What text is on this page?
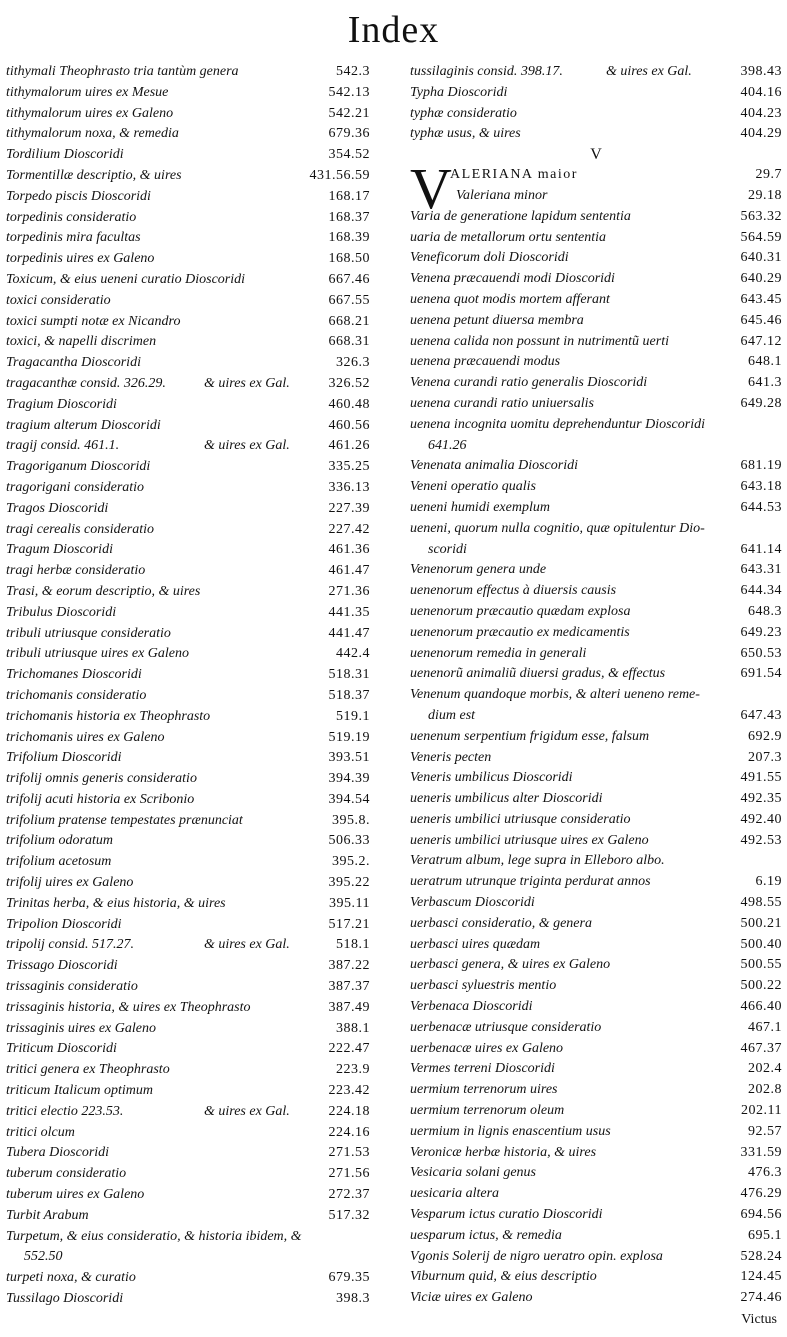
Index
tithymali Theophrasto tria tantùm genera	542.3
tithymalorum uires ex Mesue	542.13
tithymalorum uires ex Galeno	542.21
tithymalorum noxa, & remedia	679.36
Tordilium Dioscoridi	354.52
Tormentillæ descriptio, & uires	431.56.59
Torpedo piscis Dioscoridi	168.17
torpedinis consideratio	168.37
torpedinis mira facultas	168.39
torpedinis uires ex Galeno	168.50
Toxicum, & eius ueneni curatio Dioscoridi	667.46
toxici consideratio	667.55
toxici sumpti notæ ex Nicandro	668.21
toxici, & napelli discrimen	668.31
Tragacantha Dioscoridi	326.3
tragacanthæ consid. 326.29.	& uires ex Gal.	326.52
Tragium Dioscoridi	460.48
tragium alterum Dioscoridi	460.56
tragij consid. 461.1.	& uires ex Gal.	461.26
Tragoriganum Dioscoridi	335.25
tragorigani consideratio	336.13
Tragos Dioscoridi	227.39
tragi cerealis consideratio	227.42
Tragum Dioscoridi	461.36
tragi herbæ consideratio	461.47
Trasi, & eorum descriptio, & uires	271.36
Tribulus Dioscoridi	441.35
tribuli utriusque consideratio	441.47
tribuli utriusque uires ex Galeno	442.4
Trichomanes Dioscoridi	518.31
trichomanis consideratio	518.37
trichomanis historia ex Theophrasto	519.1
trichomanis uires ex Galeno	519.19
Trifolium Dioscoridi	393.51
trifolij omnis generis consideratio	394.39
trifolij acuti historia ex Scribonio	394.54
trifolium pratense tempestates prænunciat	395.8.
trifolium odoratum	506.33
trifolium acetosum	395.2.
trifolij uires ex Galeno	395.22
Trinitas herba, & eius historia, & uires	395.11
Tripolion Dioscoridi	517.21
tripolij consid. 517.27.	& uires ex Gal.	518.1
Trissago Dioscoridi	387.22
trissaginis consideratio	387.37
trissaginis historia, & uires ex Theophrasto	387.49
trissaginis uires ex Galeno	388.1
Triticum Dioscoridi	222.47
tritici genera ex Theophrasto	223.9
triticum Italicum optimum	223.42
tritici electio 223.53.	& uires ex Gal.	224.18
tritici olcum	224.16
Tubera Dioscoridi	271.53
tuberum consideratio	271.56
tuberum uires ex Galeno	272.37
Turbit Arabum	517.32
Turpetum, & eius consideratio, & historia ibidem, &
552.50
turpeti noxa, & curatio	679.35
Tussilago Dioscoridi	398.3
tussilaginis consid. 398.17.	& uires ex Gal.	398.43
Typha Dioscoridi	404.16
typhæ consideratio	404.23
typhæ usus, & uires	404.29
V
V
ALERIANA maior	29.7
Valeriana minor	29.18
Varia de generatione lapidum sententia	563.32
uaria de metallorum ortu sententia	564.59
Veneficorum doli Dioscoridi	640.31
Venena præcauendi modi Dioscoridi	640.29
uenena quot modis mortem afferant	643.45
uenena petunt diuersa membra	645.46
uenena calida non possunt in nutrimentũ uerti	647.12
uenena præcauendi modus	648.1
Venena curandi ratio generalis Dioscoridi	641.3
uenena curandi ratio uniuersalis	649.28
uenena incognita uomitu deprehenduntur Dioscoridi
641.26
Venenata animalia Dioscoridi	681.19
Veneni operatio qualis	643.18
ueneni humidi exemplum	644.53
ueneni, quorum nulla cognitio, quæ opitulentur Dio-
scoridi	641.14
Venenorum genera unde	643.31
uenenorum effectus à diuersis causis	644.34
uenenorum præcautio quædam explosa	648.3
uenenorum præcautio ex medicamentis	649.23
uenenorum remedia in generali	650.53
uenenorũ animaliũ diuersi gradus, & effectus	691.54
Venenum quandoque morbis, & alteri ueneno reme-
dium est	647.43
uenenum serpentium frigidum esse, falsum	692.9
Veneris pecten	207.3
Veneris umbilicus Dioscoridi	491.55
ueneris umbilicus alter Dioscoridi	492.35
ueneris umbilici utriusque consideratio	492.40
ueneris umbilici utriusque uires ex Galeno	492.53
Veratrum album, lege supra in Elleboro albo.
ueratrum utrunque triginta perdurat annos	6.19
Verbascum Dioscoridi	498.55
uerbasci consideratio, & genera	500.21
uerbasci uires quædam	500.40
uerbasci genera, & uires ex Galeno	500.55
uerbasci syluestris mentio	500.22
Verbenaca Dioscoridi	466.40
uerbenacæ utriusque consideratio	467.1
uerbenacæ uires ex Galeno	467.37
Vermes terreni Dioscoridi	202.4
uermium terrenorum uires	202.8
uermium terrenorum oleum	202.11
uermium in lignis enascentium usus	92.57
Veronicæ herbæ historia, & uires	331.59
Vesicaria solani genus	476.3
uesicaria altera	476.29
Vesparum ictus curatio Dioscoridi	694.56
uesparum ictus, & remedia	695.1
Vgonis Solerij de nigro ueratro opin. explosa	528.24
Viburnum quid, & eius descriptio	124.45
Viciæ uires ex Galeno	274.46
Victus
